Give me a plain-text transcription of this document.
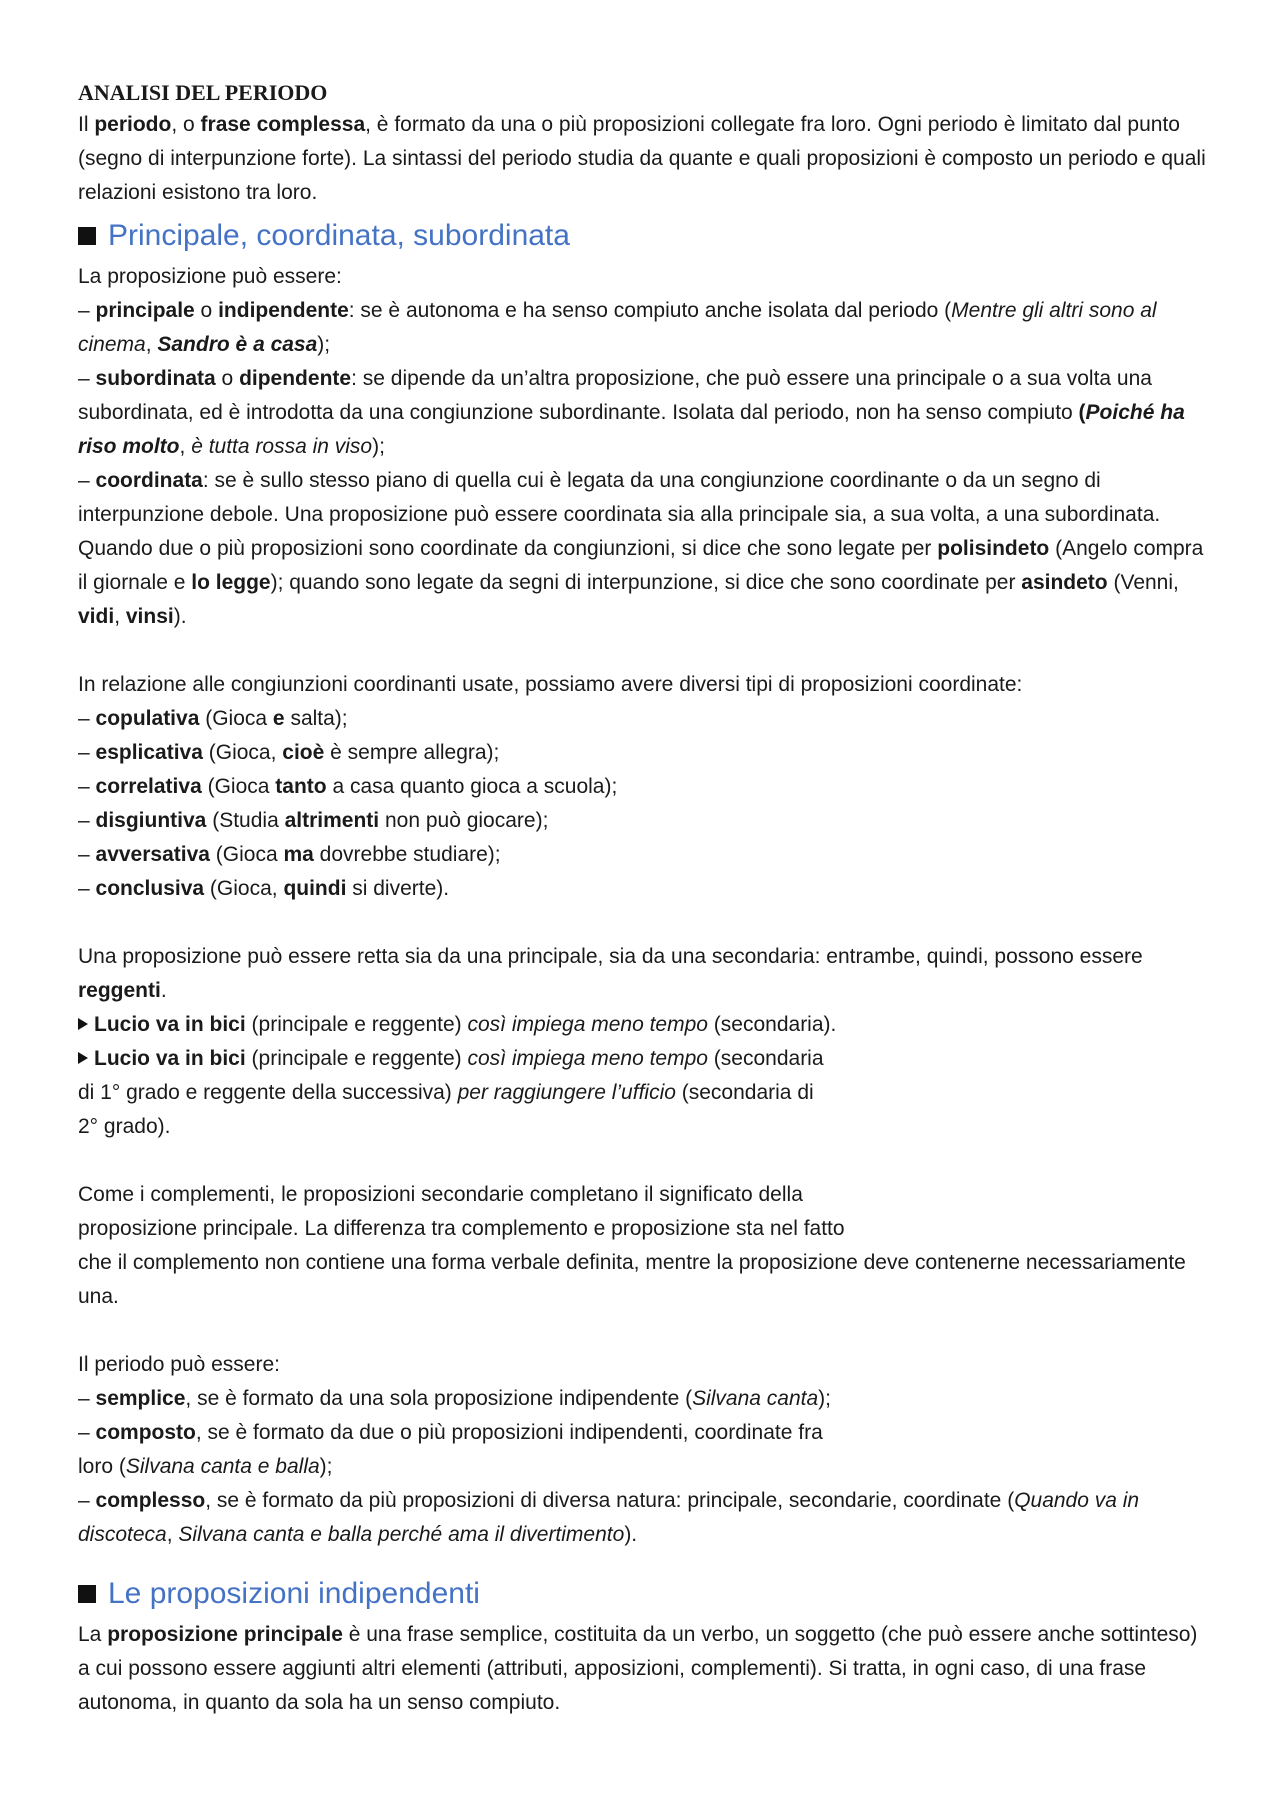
ANALISI DEL PERIODO

Il periodo, o frase complessa, è formato da una o più proposizioni collegate fra loro. Ogni periodo è limitato dal punto (segno di interpunzione forte). La sintassi del periodo studia da quante e quali proposizioni è composto un periodo e quali relazioni esistono tra loro.

Principale, coordinata, subordinata

La proposizione può essere:

– principale o indipendente: se è autonoma e ha senso compiuto anche isolata dal periodo (Mentre gli altri sono al cinema, Sandro è a casa);

– subordinata o dipendente: se dipende da un’altra proposizione, che può essere una principale o a sua volta una subordinata, ed è introdotta da una congiunzione subordinante. Isolata dal periodo, non ha senso compiuto (Poiché ha riso molto, è tutta rossa in viso);

– coordinata: se è sullo stesso piano di quella cui è legata da una congiunzione coordinante o da un segno di interpunzione debole. Una proposizione può essere coordinata sia alla principale sia, a sua volta, a una subordinata. Quando due o più proposizioni sono coordinate da congiunzioni, si dice che sono legate per polisindeto (Angelo compra il giornale e lo legge); quando sono legate da segni di interpunzione, si dice che sono coordinate per asindeto (Venni, vidi, vinsi).

In relazione alle congiunzioni coordinanti usate, possiamo avere diversi tipi di proposizioni coordinate:

– copulativa (Gioca e salta);

– esplicativa (Gioca, cioè è sempre allegra);

– correlativa (Gioca tanto a casa quanto gioca a scuola);

– disgiuntiva (Studia altrimenti non può giocare);

– avversativa (Gioca ma dovrebbe studiare);

– conclusiva (Gioca, quindi si diverte).

Una proposizione può essere retta sia da una principale, sia da una secondaria: entrambe, quindi, possono essere reggenti.

Lucio va in bici (principale e reggente) così impiega meno tempo (secondaria).

Lucio va in bici (principale e reggente) così impiega meno tempo (secondaria
di 1° grado e reggente della successiva) per raggiungere l’ufficio (secondaria di
2° grado).

Come i complementi, le proposizioni secondarie completano il significato della
proposizione principale. La differenza tra complemento e proposizione sta nel fatto
che il complemento non contiene una forma verbale definita, mentre la proposizione deve contenerne necessariamente una.

Il periodo può essere:

– semplice, se è formato da una sola proposizione indipendente (Silvana canta);

– composto, se è formato da due o più proposizioni indipendenti, coordinate fra
loro (Silvana canta e balla);

– complesso, se è formato da più proposizioni di diversa natura: principale, secondarie, coordinate (Quando va in discoteca, Silvana canta e balla perché ama il divertimento).

Le proposizioni indipendenti

La proposizione principale è una frase semplice, costituita da un verbo, un soggetto (che può essere anche sottinteso) a cui possono essere aggiunti altri elementi (attributi, apposizioni, complementi). Si tratta, in ogni caso, di una frase autonoma, in quanto da sola ha un senso compiuto.
